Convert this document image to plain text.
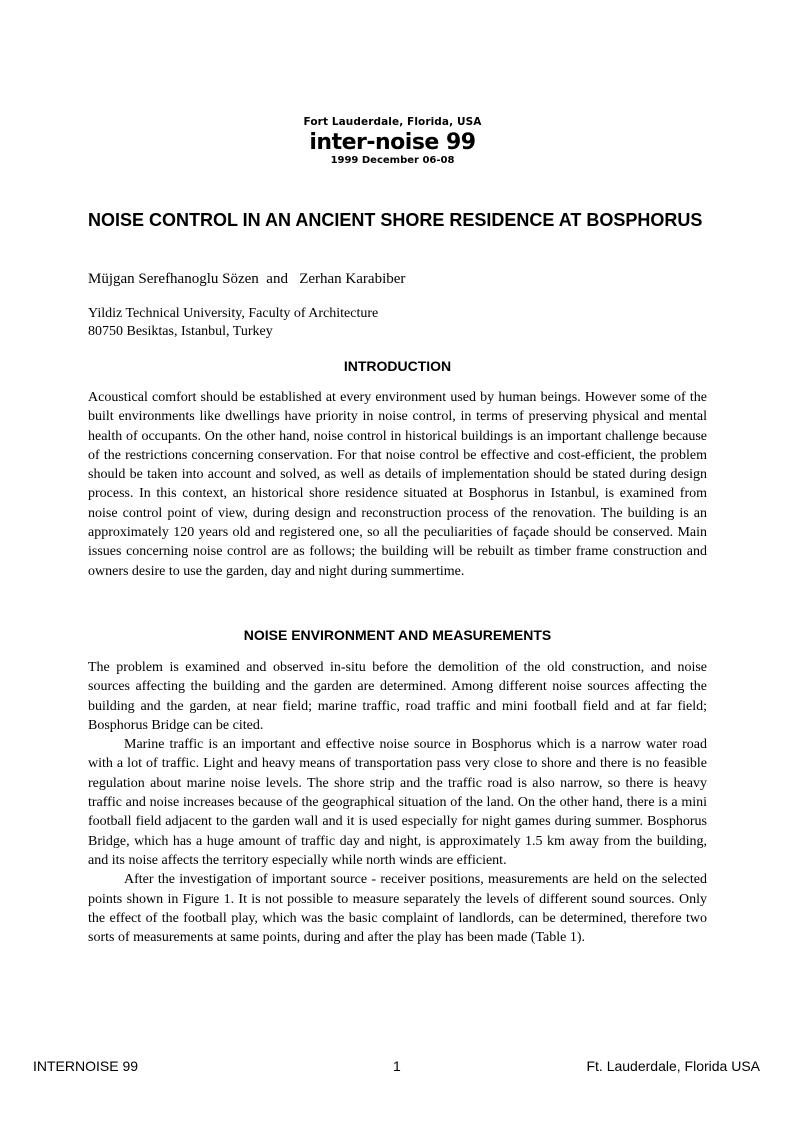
Fort Lauderdale, Florida, USA
inter-noise 99
1999 December 06-08
NOISE CONTROL IN AN ANCIENT SHORE RESIDENCE AT BOSPHORUS
Müjgan Serefhanoglu Sözen  and   Zerhan Karabiber
Yildiz Technical University, Faculty of Architecture
80750 Besiktas, Istanbul, Turkey
INTRODUCTION
Acoustical comfort should be established at every environment used by human beings. However some of the built environments like dwellings have priority in noise control, in terms of preserving physical and mental health of occupants. On the other hand, noise control in historical buildings is an important challenge because of the restrictions concerning conservation. For that noise control be effective and cost-efficient, the problem should be taken into account and solved, as well as details of implementation should be stated during design process. In this context, an historical shore residence situated at Bosphorus in Istanbul, is examined from noise control point of view, during design and reconstruction process of the renovation. The building is an approximately 120 years old and registered one, so all the peculiarities of façade should be conserved. Main issues concerning noise control are as follows; the building will be rebuilt as timber frame construction and owners desire to use the garden, day and night during summertime.
NOISE ENVIRONMENT AND MEASUREMENTS
The problem is examined and observed in-situ before the demolition of the old construction, and noise sources affecting the building and the garden are determined. Among different noise sources affecting the building and the garden, at near field; marine traffic, road traffic and mini football field and at far field; Bosphorus Bridge can be cited.
Marine traffic is an important and effective noise source in Bosphorus which is a narrow water road with a lot of traffic. Light and heavy means of transportation pass very close to shore and there is no feasible regulation about marine noise levels. The shore strip and the traffic road is also narrow, so there is heavy traffic and noise increases because of the geographical situation of the land. On the other hand, there is a mini football field adjacent to the garden wall and it is used especially for night games during summer. Bosphorus Bridge, which has a huge amount of traffic day and night, is approximately 1.5 km away from the building, and its noise affects the territory especially while north winds are efficient.
After the investigation of important source - receiver positions, measurements are held on the selected points shown in Figure 1. It is not possible to measure separately the levels of different sound sources. Only the effect of the football play, which was the basic complaint of landlords, can be determined, therefore two sorts of measurements at same points, during and after the play has been made (Table 1).
INTERNOISE 99	1	Ft. Lauderdale, Florida USA
